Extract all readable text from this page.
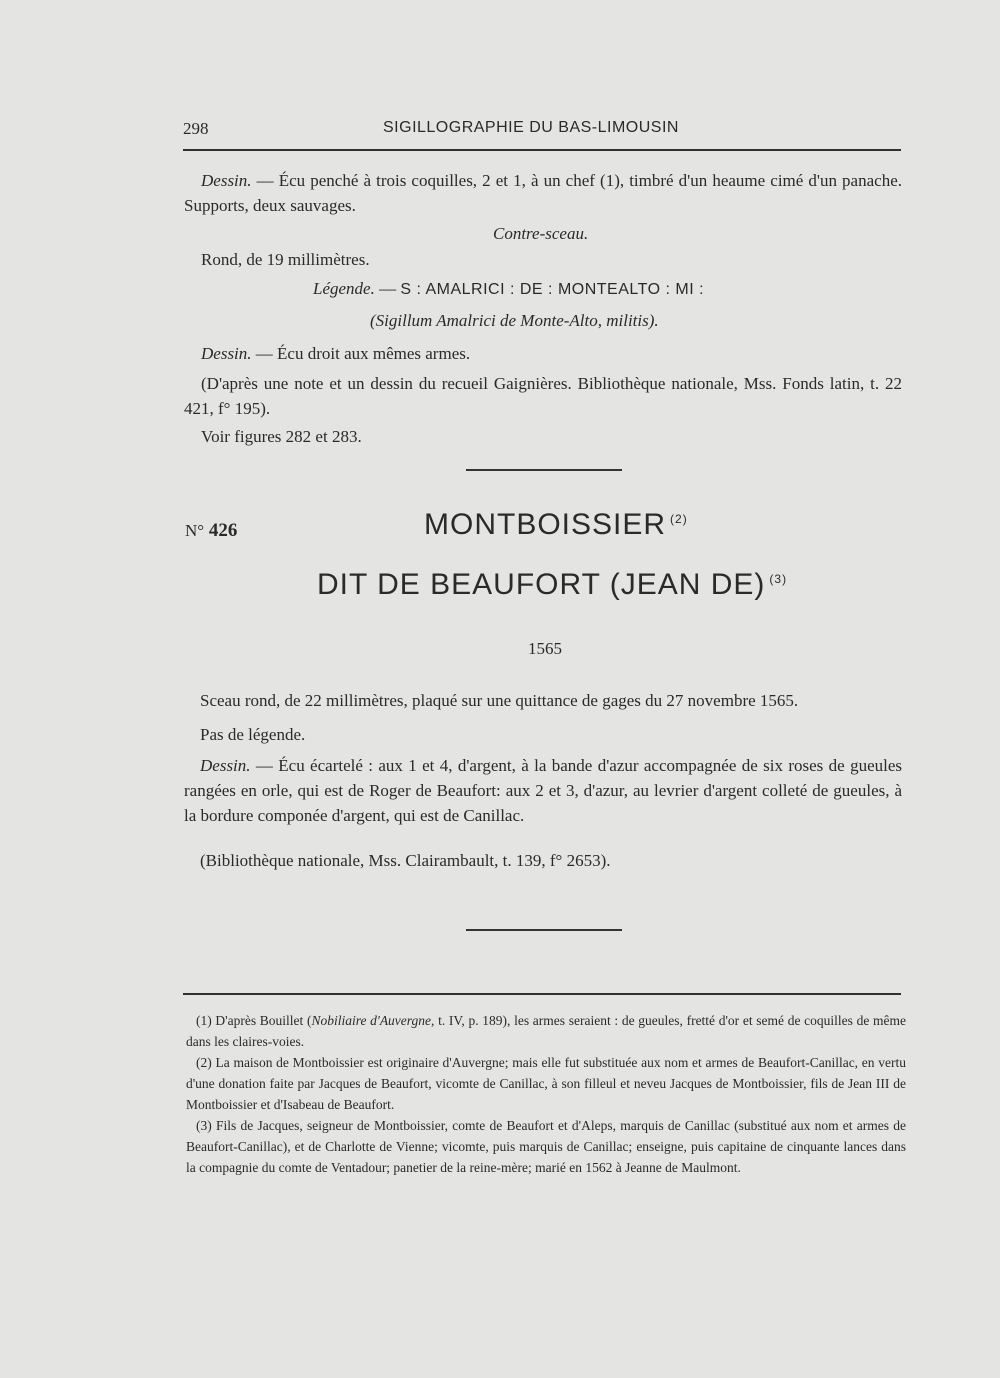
298	SIGILLOGRAPHIE DU BAS-LIMOUSIN
Dessin. — Écu penché à trois coquilles, 2 et 1, à un chef (1), timbré d'un heaume cimé d'un panache. Supports, deux sauvages.
Contre-sceau.
Rond, de 19 millimètres.
Légende. — S : AMALRICI : DE : MONTEALTO : MI :
(Sigillum Amalrici de Monte-Alto, militis).
Dessin. — Écu droit aux mêmes armes.
(D'après une note et un dessin du recueil Gaignières. Bibliothèque nationale, Mss. Fonds latin, t. 22 421, f° 195).
Voir figures 282 et 283.
N° 426	MONTBOISSIER $^{(2)}$
DIT DE BEAUFORT (JEAN DE) $^{(3)}$
1565
Sceau rond, de 22 millimètres, plaqué sur une quittance de gages du 27 novembre 1565.
Pas de légende.
Dessin. — Écu écartelé : aux 1 et 4, d'argent, à la bande d'azur accompagnée de six roses de gueules rangées en orle, qui est de Roger de Beaufort: aux 2 et 3, d'azur, au levrier d'argent colleté de gueules, à la bordure componée d'argent, qui est de Canillac.
(Bibliothèque nationale, Mss. Clairambault, t. 139, f° 2653).
(1) D'après Bouillet (Nobiliaire d'Auvergne, t. IV, p. 189), les armes seraient : de gueules, fretté d'or et semé de coquilles de même dans les claires-voies.
(2) La maison de Montboissier est originaire d'Auvergne; mais elle fut substituée aux nom et armes de Beaufort-Canillac, en vertu d'une donation faite par Jacques de Beaufort, vicomte de Canillac, à son filleul et neveu Jacques de Montboissier, fils de Jean III de Montboissier et d'Isabeau de Beaufort.
(3) Fils de Jacques, seigneur de Montboissier, comte de Beaufort et d'Aleps, marquis de Canillac (substitué aux nom et armes de Beaufort-Canillac), et de Charlotte de Vienne; vicomte, puis marquis de Canillac; enseigne, puis capitaine de cinquante lances dans la compagnie du comte de Ventadour; panetier de la reine-mère; marié en 1562 à Jeanne de Maulmont.
